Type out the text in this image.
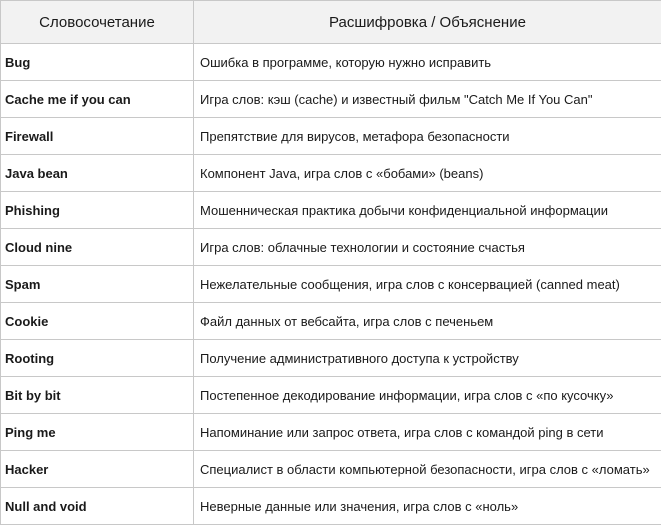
Словосочетание	Расшифровка / Объяснение
Bug	Ошибка в программе, которую нужно исправить
Cache me if you can	Игра слов: кэш (cache) и известный фильм "Catch Me If You Can"
Firewall	Препятствие для вирусов, метафора безопасности
Java bean	Компонент Java, игра слов с «бобами» (beans)
Phishing	Мошенническая практика добычи конфиденциальной информации
Cloud nine	Игра слов: облачные технологии и состояние счастья
Spam	Нежелательные сообщения, игра слов с консервацией (canned meat)
Cookie	Файл данных от вебсайта, игра слов с печеньем
Rooting	Получение административного доступа к устройству
Bit by bit	Постепенное декодирование информации, игра слов с «по кусочку»
Ping me	Напоминание или запрос ответа, игра слов с командой ping в сети
Hacker	Специалист в области компьютерной безопасности, игра слов с «ломать»
Null and void	Неверные данные или значения, игра слов с «ноль»
